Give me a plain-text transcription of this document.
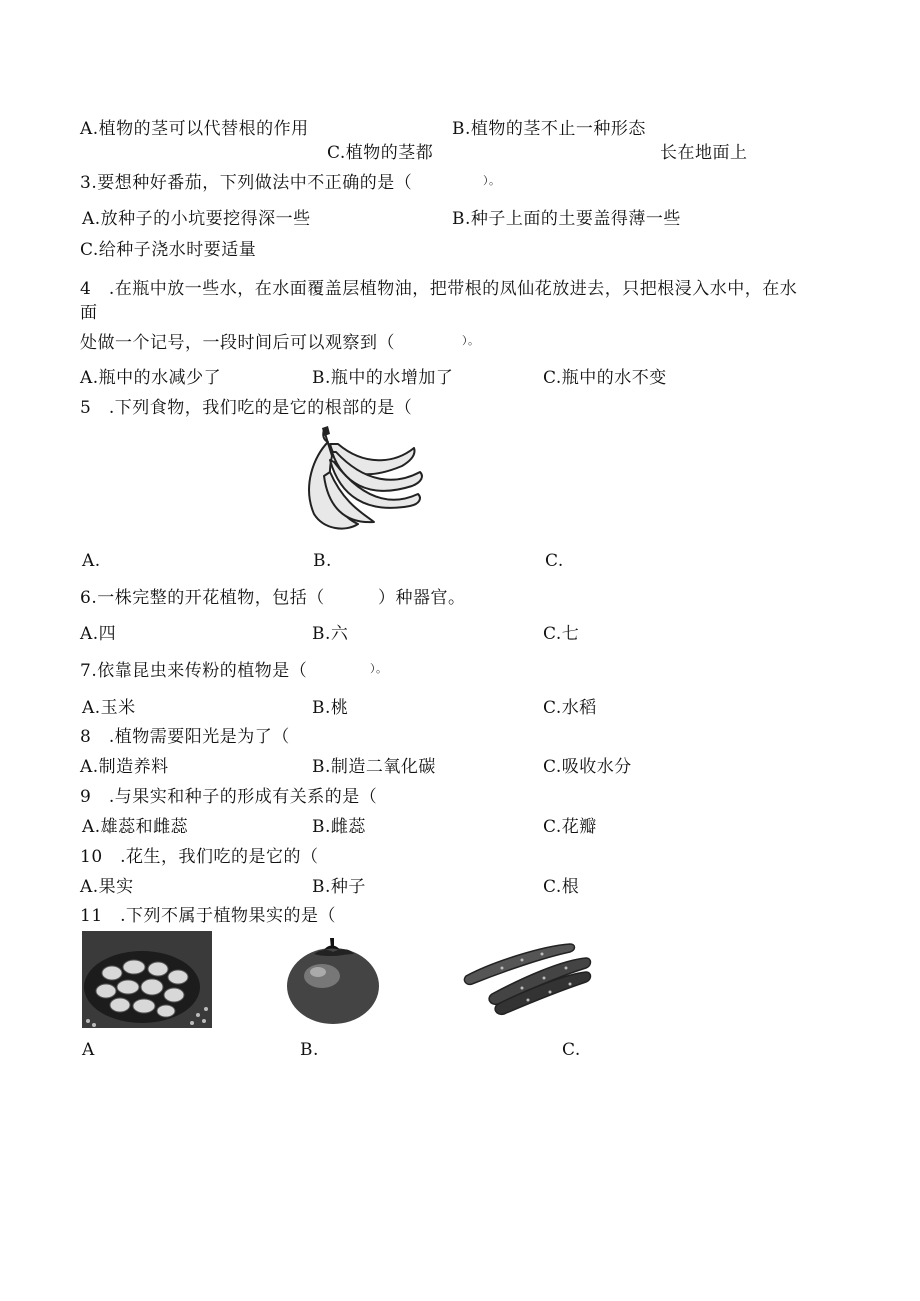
A.植物的茎可以代替根的作用	B.植物的茎不止一种形态
C.植物的茎都	长在地面上
3.要想种好番茄，下列做法中不正确的是（	）。
A.放种子的小坑要挖得深一些	B.种子上面的土要盖得薄一些
C.给种子浇水时要适量
4　.在瓶中放一些水，在水面覆盖层植物油，把带根的凤仙花放进去，只把根浸入水中，在水
面
处做一个记号，一段时间后可以观察到（	）。
A.瓶中的水减少了	B.瓶中的水增加了	C.瓶中的水不变
5　.下列食物，我们吃的是它的根部的是（
A.	B.	C.
6.一株完整的开花植物，包括（	）种器官。
A.四	B.六	C.七
7.依靠昆虫来传粉的植物是（	）。
A.玉米	B.桃	C.水稻
8　.植物需要阳光是为了（
A.制造养料	B.制造二氧化碳	C.吸收水分
9　.与果实和种子的形成有关系的是（
A.雄蕊和雌蕊	B.雌蕊	C.花瓣
10　.花生，我们吃的是它的（
A.果实	B.种子	C.根
11　.下列不属于植物果实的是（
A	B.	C.
